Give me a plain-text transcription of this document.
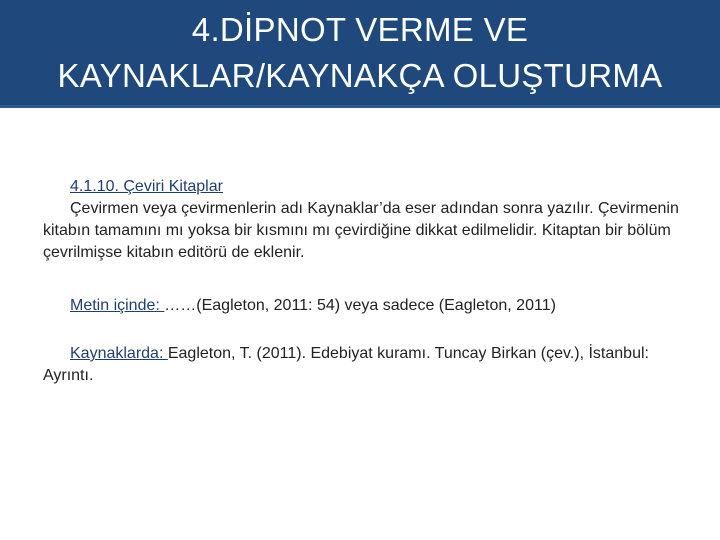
4.DİPNOT VERME VE
KAYNAKLAR/KAYNAKÇA OLUŞTURMA
4.1.10. Çeviri Kitaplar

Çevirmen veya çevirmenlerin adı Kaynaklar’da eser adından sonra yazılır. Çevirmenin kitabın tamamını mı yoksa bir kısmını mı çevirdiğine dikkat edilmelidir. Kitaptan bir bölüm çevrilmişse kitabın editörü de eklenir.

Metin içinde: ……(Eagleton, 2011: 54) veya sadece (Eagleton, 2011)

Kaynaklarda: Eagleton, T. (2011). Edebiyat kuramı. Tuncay Birkan (çev.), İstanbul: Ayrıntı.
